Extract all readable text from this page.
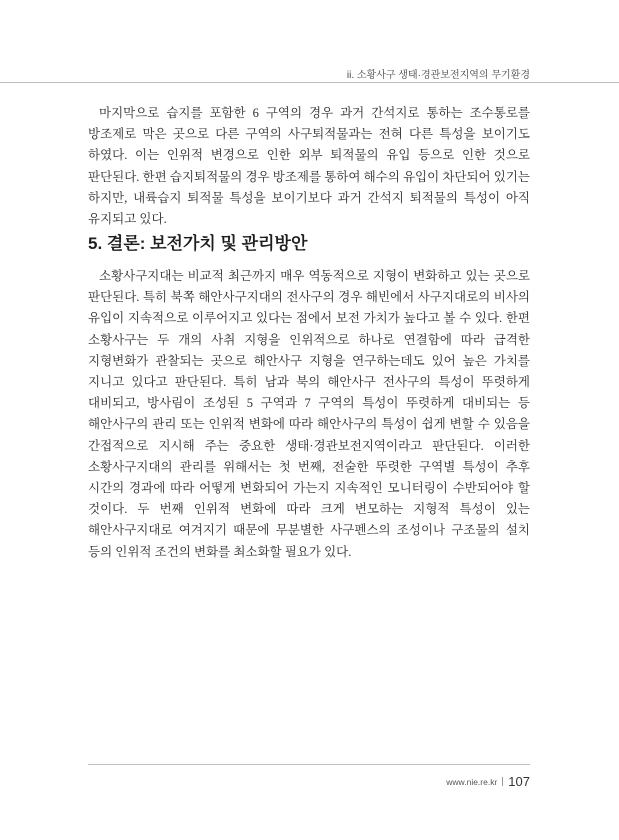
ii. 소황사구 생태·경관보전지역의 무기환경

마지막으로 습지를 포함한 6 구역의 경우 과거 간석지로 통하는 조수통로를 방조제로 막은 곳으로 다른 구역의 사구퇴적물과는 전혀 다른 특성을 보이기도 하였다. 이는 인위적 변경으로 인한 외부 퇴적물의 유입 등으로 인한 것으로 판단된다. 한편 습지퇴적물의 경우 방조제를 통하여 해수의 유입이 차단되어 있기는 하지만, 내륙습지 퇴적물 특성을 보이기보다 과거 간석지 퇴적물의 특성이 아직 유지되고 있다.

5. 결론: 보전가치 및 관리방안

소황사구지대는 비교적 최근까지 매우 역동적으로 지형이 변화하고 있는 곳으로 판단된다. 특히 북쪽 해안사구지대의 전사구의 경우 해빈에서 사구지대로의 비사의 유입이 지속적으로 이루어지고 있다는 점에서 보전 가치가 높다고 볼 수 있다. 한편 소황사구는 두 개의 사취 지형을 인위적으로 하나로 연결함에 따라 급격한 지형변화가 관찰되는 곳으로 해안사구 지형을 연구하는데도 있어 높은 가치를 지니고 있다고 판단된다. 특히 남과 북의 해안사구 전사구의 특성이 뚜렷하게 대비되고, 방사림이 조성된 5 구역과 7 구역의 특성이 뚜렷하게 대비되는 등 해안사구의 관리 또는 인위적 변화에 따라 해안사구의 특성이 쉽게 변할 수 있음을 간접적으로 지시해 주는 중요한 생태·경관보전지역이라고 판단된다. 이러한 소황사구지대의 관리를 위해서는 첫 번째, 전술한 뚜렷한 구역별 특성이 추후 시간의 경과에 따라 어떻게 변화되어 가는지 지속적인 모니터링이 수반되어야 할 것이다. 두 번째 인위적 변화에 따라 크게 변모하는 지형적 특성이 있는 해안사구지대로 여겨지기 때문에 무분별한 사구펜스의 조성이나 구조물의 설치 등의 인위적 조건의 변화를 최소화할 필요가 있다.

www.nie.re.kr 107
